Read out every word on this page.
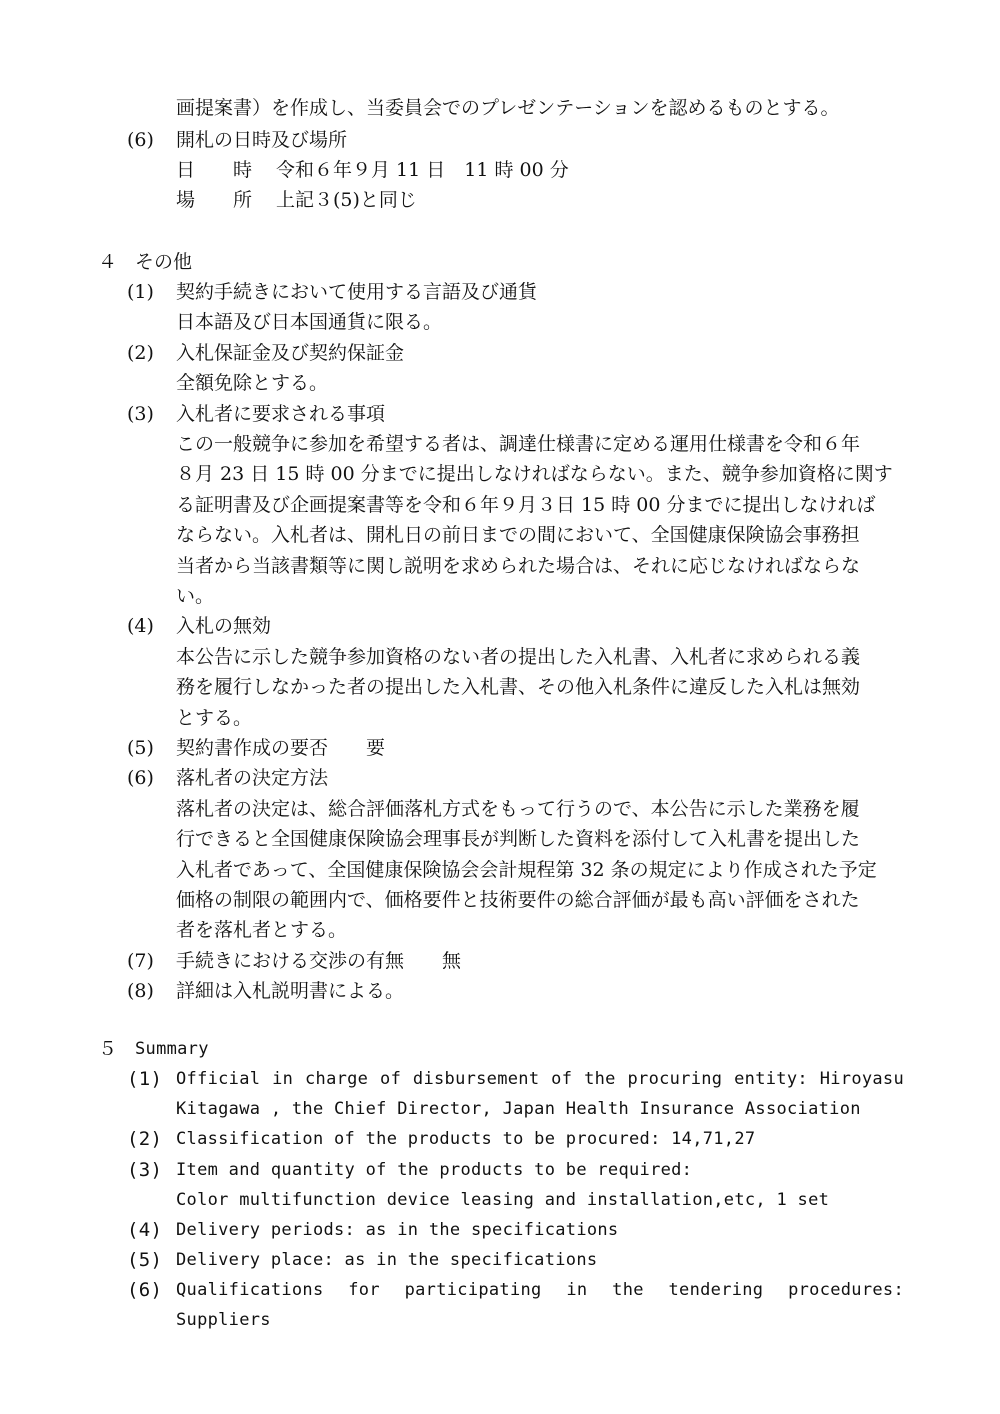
画提案書）を作成し、当委員会でのプレゼンテーションを認めるものとする。
(6) 開札の日時及び場所
日　　時 令和６年９月 11 日　11 時 00 分
場　　所 上記３(5)と同じ
４ その他
(1) 契約手続きにおいて使用する言語及び通貨
日本語及び日本国通貨に限る。
(2) 入札保証金及び契約保証金
全額免除とする。
(3) 入札者に要求される事項
この一般競争に参加を希望する者は、調達仕様書に定める運用仕様書を令和６年
８月 23 日 15 時 00 分までに提出しなければならない。また、競争参加資格に関す
る証明書及び企画提案書等を令和６年９月３日 15 時 00 分までに提出しなければ
ならない。入札者は、開札日の前日までの間において、全国健康保険協会事務担
当者から当該書類等に関し説明を求められた場合は、それに応じなければならな
い。
(4) 入札の無効
本公告に示した競争参加資格のない者の提出した入札書、入札者に求められる義
務を履行しなかった者の提出した入札書、その他入札条件に違反した入札は無効
とする。
(5) 契約書作成の要否　　要
(6) 落札者の決定方法
落札者の決定は、総合評価落札方式をもって行うので、本公告に示した業務を履
行できると全国健康保険協会理事長が判断した資料を添付して入札書を提出した
入札者であって、全国健康保険協会会計規程第 32 条の規定により作成された予定
価格の制限の範囲内で、価格要件と技術要件の総合評価が最も高い評価をされた
者を落札者とする。
(7) 手続きにおける交渉の有無　　無
(8) 詳細は入札説明書による。
５ Summary
(1) Official in charge of disbursement of the procuring entity: Hiroyasu
Kitagawa , the Chief Director, Japan Health Insurance Association
(2) Classification of the products to be procured: 14,71,27
(3) Item and quantity of the products to be required:
Color multifunction device leasing and installation,etc, 1 set
(4) Delivery periods: as in the specifications
(5) Delivery place: as in the specifications
(6) Qualifications for participating in the tendering procedures: Suppliers
